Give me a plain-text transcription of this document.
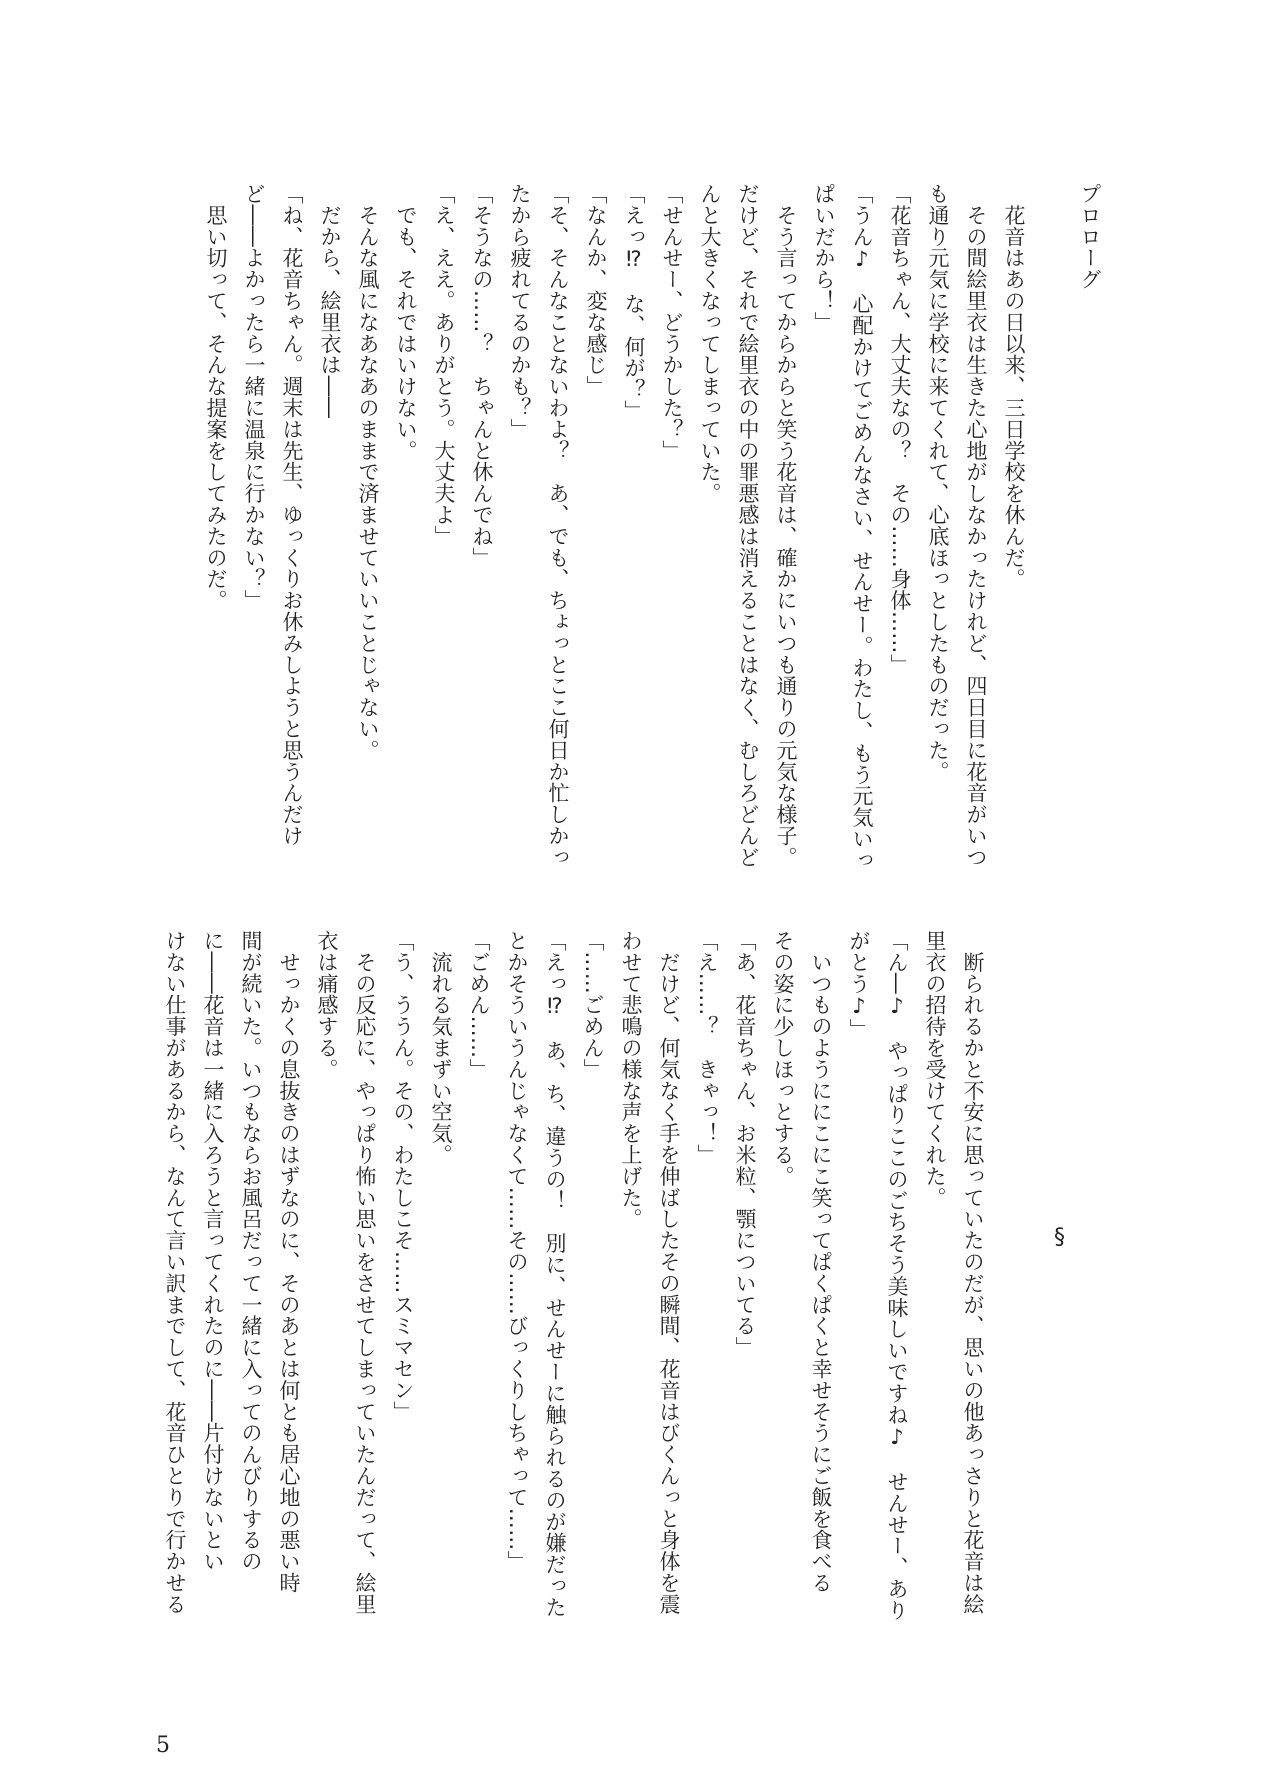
プロローグ
　花音はあの日以来、三日学校を休んだ。
　その間絵里衣は生きた心地がしなかったけれど、四日目に花音がいつ
も通り元気に学校に来てくれて、心底ほっとしたものだった。
「花音ちゃん、大丈夫なの？　その……身体……」
「うん♪　心配かけてごめんなさい、せんせー。わたし、もう元気いっ
ぱいだから！」
　そう言ってからからと笑う花音は、確かにいつも通りの元気な様子。
だけど、それで絵里衣の中の罪悪感は消えることはなく、むしろどんど
んと大きくなってしまっていた。
「せんせー、どうかした？」
「えっ⁉　な、何が？」
「なんか、変な感じ」
「そ、そんなことないわよ？　あ、でも、ちょっとここ何日か忙しかっ
たから疲れてるのかも？」
「そうなの……？　ちゃんと休んでね」
「え、ええ。ありがとう。大丈夫よ」
　でも、それではいけない。
　そんな風になあなあのままで済ませていいことじゃない。
　だから、絵里衣は――
「ね、花音ちゃん。週末は先生、ゆっくりお休みしようと思うんだけ
ど――よかったら一緒に温泉に行かない？」
　思い切って、そんな提案をしてみたのだ。
§
　断られるかと不安に思っていたのだが、思いの他あっさりと花音は絵
里衣の招待を受けてくれた。
「ん―♪　やっぱりここのごちそう美味しいですね♪　せんせー、あり
がとう♪」
　いつものようににこにこ笑ってぱくぱくと幸せそうにご飯を食べる
その姿に少しほっとする。
「あ、花音ちゃん、お米粒、顎についてる」
「え……？　きゃっ！」
　だけど、何気なく手を伸ばしたその瞬間、花音はびくんっと身体を震
わせて悲鳴の様な声を上げた。
「……ごめん」
「えっ⁉　あ、ち、違うの！　別に、せんせーに触られるのが嫌だった
とかそういうんじゃなくて……その……びっくりしちゃって……」
「ごめん……」
　流れる気まずい空気。
「う、ううん。その、わたしこそ……スミマセン」
　その反応に、やっぱり怖い思いをさせてしまっていたんだって、絵里
衣は痛感する。
　せっかくの息抜きのはずなのに、そのあとは何とも居心地の悪い時
間が続いた。いつもならお風呂だって一緒に入ってのんびりするの
に――花音は一緒に入ろうと言ってくれたのに――片付けないとい
けない仕事があるから、なんて言い訳までして、花音ひとりで行かせる
5
